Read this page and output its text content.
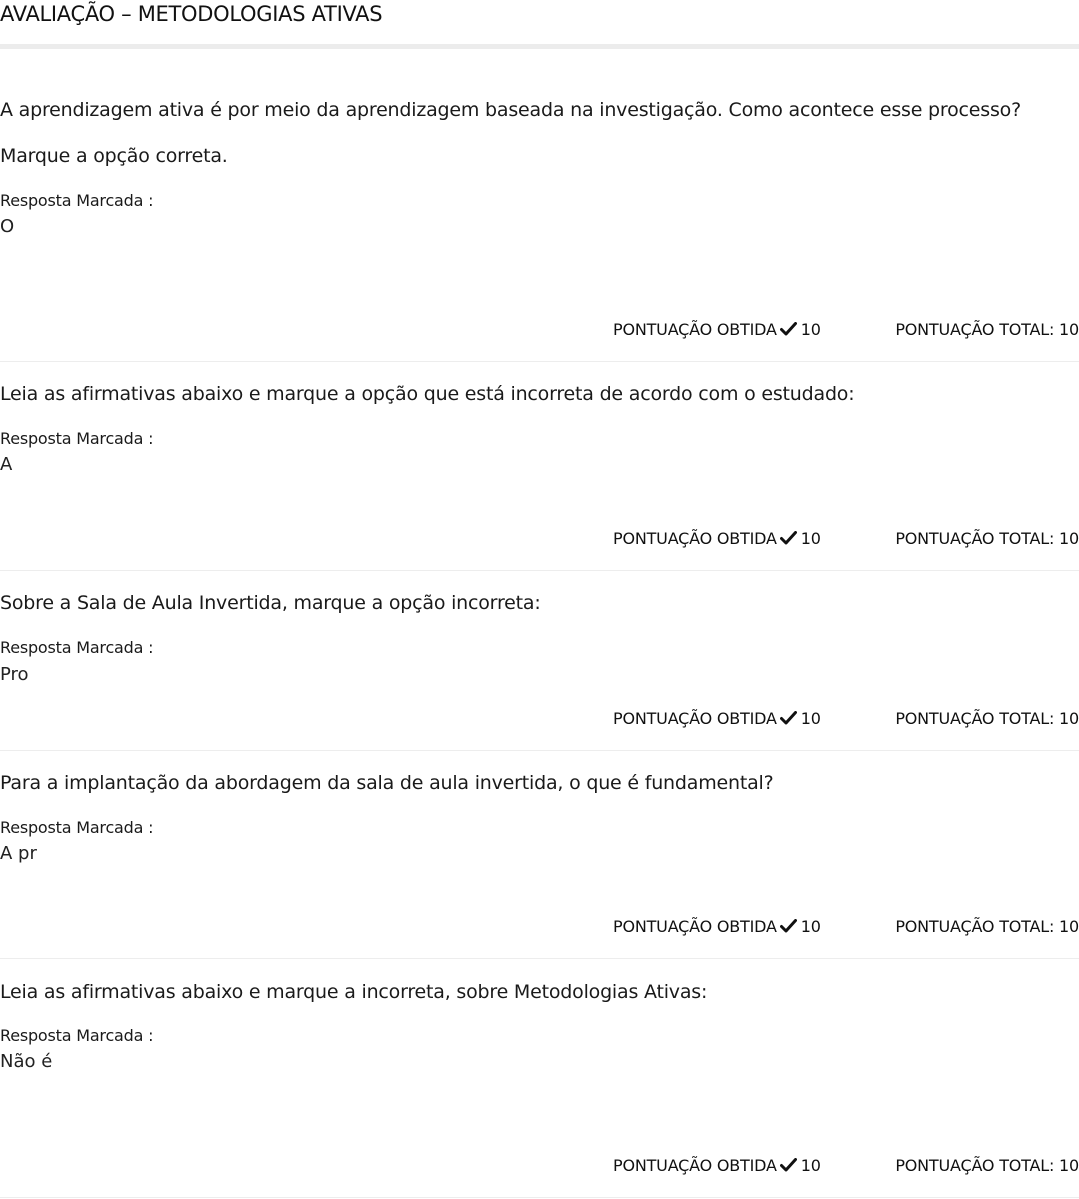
AVALIAÇÃO – METODOLOGIAS ATIVAS

A aprendizagem ativa é por meio da aprendizagem baseada na investigação. Como acontece esse processo?

Marque a opção correta.

Resposta Marcada :
O
PONTUAÇÃO OBTIDA 10	PONTUAÇÃO TOTAL: 10

Leia as afirmativas abaixo e marque a opção que está incorreta de acordo com o estudado:

Resposta Marcada :
A
PONTUAÇÃO OBTIDA 10	PONTUAÇÃO TOTAL: 10

Sobre a Sala de Aula Invertida, marque a opção incorreta:

Resposta Marcada :
Pro
PONTUAÇÃO OBTIDA 10	PONTUAÇÃO TOTAL: 10

Para a implantação da abordagem da sala de aula invertida, o que é fundamental?

Resposta Marcada :
A pr
PONTUAÇÃO OBTIDA 10	PONTUAÇÃO TOTAL: 10

Leia as afirmativas abaixo e marque a incorreta, sobre Metodologias Ativas:

Resposta Marcada :
Não é
PONTUAÇÃO OBTIDA 10	PONTUAÇÃO TOTAL: 10
